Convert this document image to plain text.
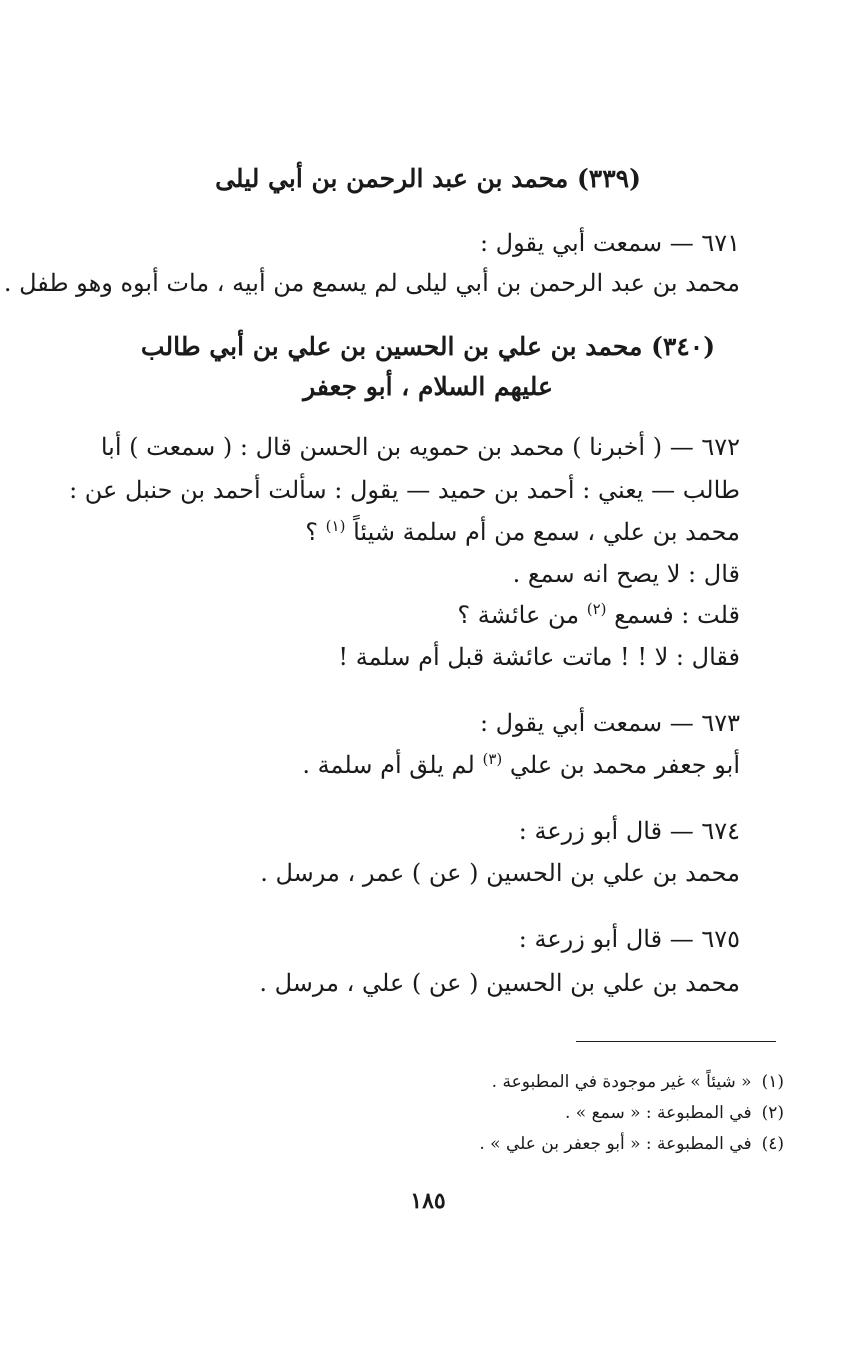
(٣٣٩) محمد بن عبد الرحمن بن أبي ليلى
٦٧١ — سمعت أبي يقول :
محمد بن عبد الرحمن بن أبي ليلى لم يسمع من أبيه ، مات أبوه وهو طفل .
(٣٤٠) محمد بن علي بن الحسين بن علي بن أبي طالب
عليهم السلام ، أبو جعفر
٦٧٢ — ( أخبرنا ) محمد بن حمويه بن الحسن قال : ( سمعت ) أبا
طالب — يعني : أحمد بن حميد — يقول : سألت أحمد بن حنبل عن :
محمد بن علي ، سمع من أم سلمة شيئاً $^{(١)}$ ؟
قال : لا يصح انه سمع .
قلت : فسمع $^{(٢)}$ من عائشة ؟
فقال : لا ! ! ماتت عائشة قبل أم سلمة !
٦٧٣ — سمعت أبي يقول :
أبو جعفر محمد بن علي $^{(٣)}$ لم يلق أم سلمة .
٦٧٤ — قال أبو زرعة :
محمد بن علي بن الحسين ( عن ) عمر ، مرسل .
٦٧٥ — قال أبو زرعة :
محمد بن علي بن الحسين ( عن ) علي ، مرسل .
(١)« شيئاً » غير موجودة في المطبوعة .
(٢)في المطبوعة : « سمع » .
(٤)في المطبوعة : « أبو جعفر بن علي » .
١٨٥
